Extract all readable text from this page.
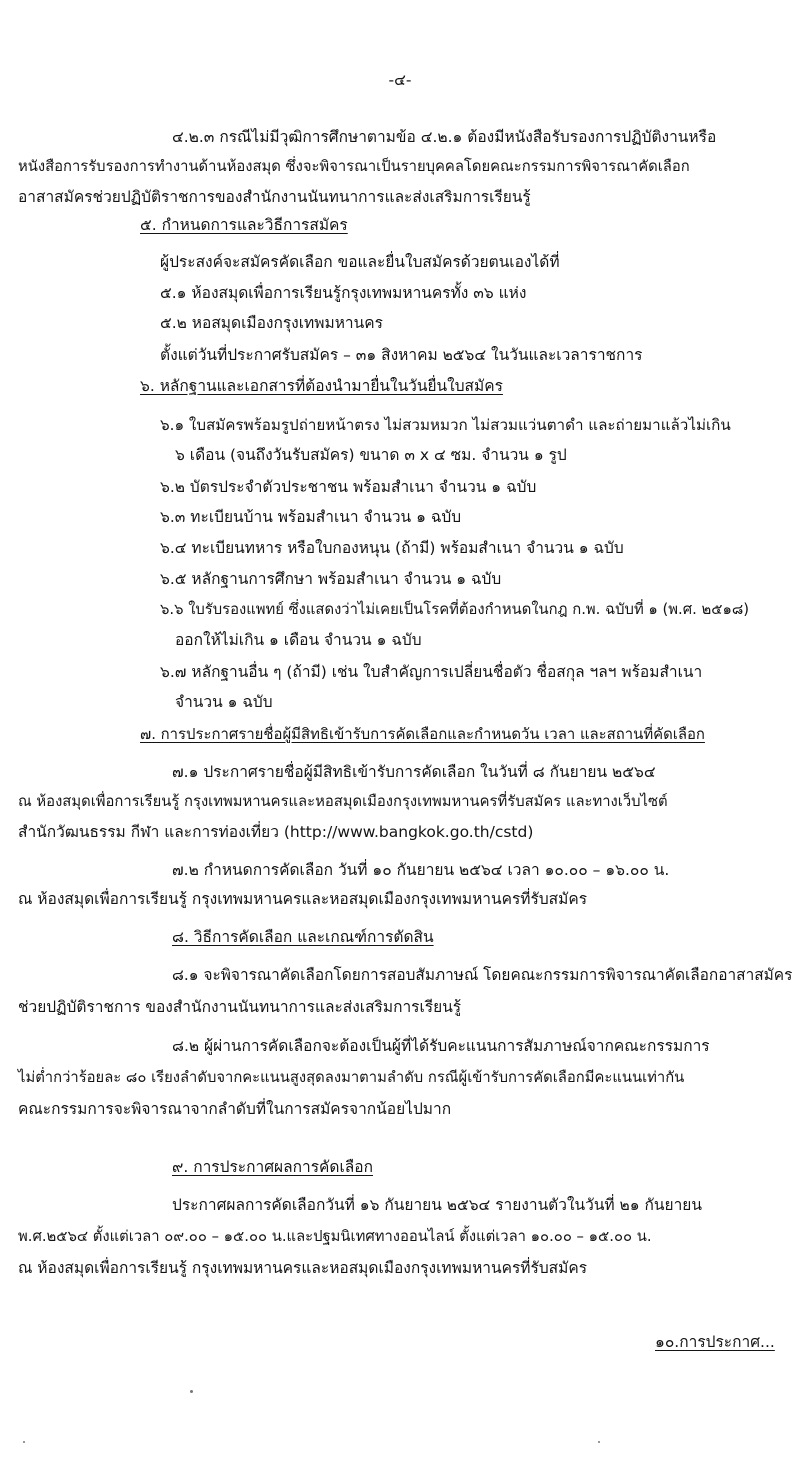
-๔-
๔.๒.๓ กรณีไม่มีวุฒิการศึกษาตามข้อ ๔.๒.๑ ต้องมีหนังสือรับรองการปฏิบัติงานหรือ
หนังสือการรับรองการทำงานด้านห้องสมุด ซึ่งจะพิจารณาเป็นรายบุคคลโดยคณะกรรมการพิจารณาคัดเลือก
อาสาสมัครช่วยปฏิบัติราชการของสำนักงานนันทนาการและส่งเสริมการเรียนรู้
๕. กำหนดการและวิธีการสมัคร
ผู้ประสงค์จะสมัครคัดเลือก ขอและยื่นใบสมัครด้วยตนเองได้ที่
๕.๑ ห้องสมุดเพื่อการเรียนรู้กรุงเทพมหานครทั้ง ๓๖ แห่ง
๕.๒ หอสมุดเมืองกรุงเทพมหานคร
ตั้งแต่วันที่ประกาศรับสมัคร – ๓๑ สิงหาคม ๒๕๖๔ ในวันและเวลาราชการ
๖. หลักฐานและเอกสารที่ต้องนำมายื่นในวันยื่นใบสมัคร
๖.๑ ใบสมัครพร้อมรูปถ่ายหน้าตรง ไม่สวมหมวก ไม่สวมแว่นตาดำ และถ่ายมาแล้วไม่เกิน
๖ เดือน (จนถึงวันรับสมัคร) ขนาด ๓ x ๔ ซม. จำนวน ๑ รูป
๖.๒ บัตรประจำตัวประชาชน พร้อมสำเนา จำนวน ๑ ฉบับ
๖.๓ ทะเบียนบ้าน พร้อมสำเนา จำนวน ๑ ฉบับ
๖.๔ ทะเบียนทหาร หรือใบกองหนุน (ถ้ามี) พร้อมสำเนา จำนวน ๑ ฉบับ
๖.๕ หลักฐานการศึกษา พร้อมสำเนา จำนวน ๑ ฉบับ
๖.๖ ใบรับรองแพทย์ ซึ่งแสดงว่าไม่เคยเป็นโรคที่ต้องกำหนดในกฎ ก.พ. ฉบับที่ ๑ (พ.ศ. ๒๕๑๘)
ออกให้ไม่เกิน ๑ เดือน จำนวน ๑ ฉบับ
๖.๗ หลักฐานอื่น ๆ (ถ้ามี) เช่น ใบสำคัญการเปลี่ยนชื่อตัว ชื่อสกุล ฯลฯ พร้อมสำเนา
จำนวน ๑ ฉบับ
๗. การประกาศรายชื่อผู้มีสิทธิเข้ารับการคัดเลือกและกำหนดวัน เวลา และสถานที่คัดเลือก
๗.๑ ประกาศรายชื่อผู้มีสิทธิเข้ารับการคัดเลือก ในวันที่ ๘ กันยายน ๒๕๖๔
ณ ห้องสมุดเพื่อการเรียนรู้ กรุงเทพมหานครและหอสมุดเมืองกรุงเทพมหานครที่รับสมัคร และทางเว็บไซต์
สำนักวัฒนธรรม กีฬา และการท่องเที่ยว (http://www.bangkok.go.th/cstd)
๗.๒ กำหนดการคัดเลือก วันที่ ๑๐ กันยายน ๒๕๖๔ เวลา ๑๐.๐๐ – ๑๖.๐๐ น.
ณ ห้องสมุดเพื่อการเรียนรู้ กรุงเทพมหานครและหอสมุดเมืองกรุงเทพมหานครที่รับสมัคร
๘. วิธีการคัดเลือก และเกณฑ์การตัดสิน
๘.๑ จะพิจารณาคัดเลือกโดยการสอบสัมภาษณ์ โดยคณะกรรมการพิจารณาคัดเลือกอาสาสมัคร
ช่วยปฏิบัติราชการ ของสำนักงานนันทนาการและส่งเสริมการเรียนรู้
๘.๒ ผู้ผ่านการคัดเลือกจะต้องเป็นผู้ที่ได้รับคะแนนการสัมภาษณ์จากคณะกรรมการ
ไม่ต่ำกว่าร้อยละ ๘๐ เรียงลำดับจากคะแนนสูงสุดลงมาตามลำดับ กรณีผู้เข้ารับการคัดเลือกมีคะแนนเท่ากัน
คณะกรรมการจะพิจารณาจากลำดับที่ในการสมัครจากน้อยไปมาก
๙. การประกาศผลการคัดเลือก
ประกาศผลการคัดเลือกวันที่ ๑๖ กันยายน ๒๕๖๔ รายงานตัวในวันที่ ๒๑ กันยายน
พ.ศ.๒๕๖๔ ตั้งแต่เวลา ๐๙.๐๐ – ๑๕.๐๐ น.และปฐมนิเทศทางออนไลน์ ตั้งแต่เวลา ๑๐.๐๐ – ๑๕.๐๐ น.
ณ ห้องสมุดเพื่อการเรียนรู้ กรุงเทพมหานครและหอสมุดเมืองกรุงเทพมหานครที่รับสมัคร
๑๐.การประกาศ...
